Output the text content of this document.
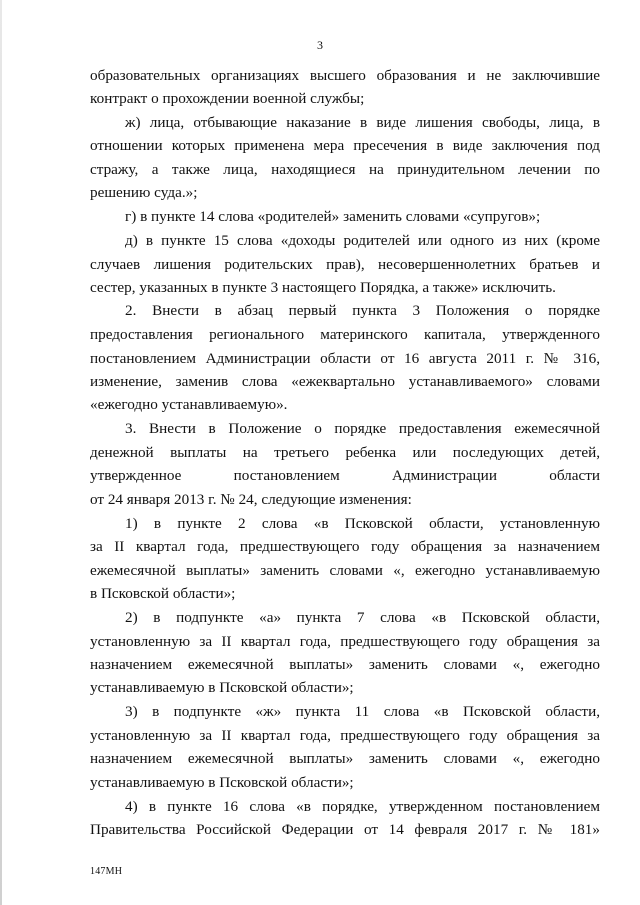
3
образовательных организациях высшего образования и не заключившие
контракт о прохождении военной службы;
ж) лица, отбывающие наказание в виде лишения свободы, лица, в
отношении которых применена мера пресечения в виде заключения под
стражу, а также лица, находящиеся на принудительном лечении по
решению суда.»;
г) в пункте 14 слова «родителей» заменить словами «супругов»;
д) в пункте 15 слова «доходы родителей или одного из них (кроме
случаев лишения родительских прав), несовершеннолетних братьев и
сестер, указанных в пункте 3 настоящего Порядка, а также» исключить.
2. Внести в абзац первый пункта 3 Положения о порядке
предоставления регионального материнского капитала, утвержденного
постановлением Администрации области от 16 августа 2011 г. № 316,
изменение, заменив слова «ежеквартально устанавливаемого» словами
«ежегодно устанавливаемую».
3. Внести в Положение о порядке предоставления ежемесячной
денежной выплаты на третьего ребенка или последующих детей,
утвержденное постановлением Администрации области
от 24 января 2013 г. № 24, следующие изменения:
1) в пункте 2 слова «в Псковской области, установленную
за II квартал года, предшествующего году обращения за назначением
ежемесячной выплаты» заменить словами «, ежегодно устанавливаемую
в Псковской области»;
2) в подпункте «а» пункта 7 слова «в Псковской области,
установленную за II квартал года, предшествующего году обращения за
назначением ежемесячной выплаты» заменить словами «, ежегодно
устанавливаемую в Псковской области»;
3) в подпункте «ж» пункта 11 слова «в Псковской области,
установленную за II квартал года, предшествующего году обращения за
назначением ежемесячной выплаты» заменить словами «, ежегодно
устанавливаемую в Псковской области»;
4) в пункте 16 слова «в порядке, утвержденном постановлением
Правительства Российской Федерации от 14 февраля 2017 г. № 181»
147МН
